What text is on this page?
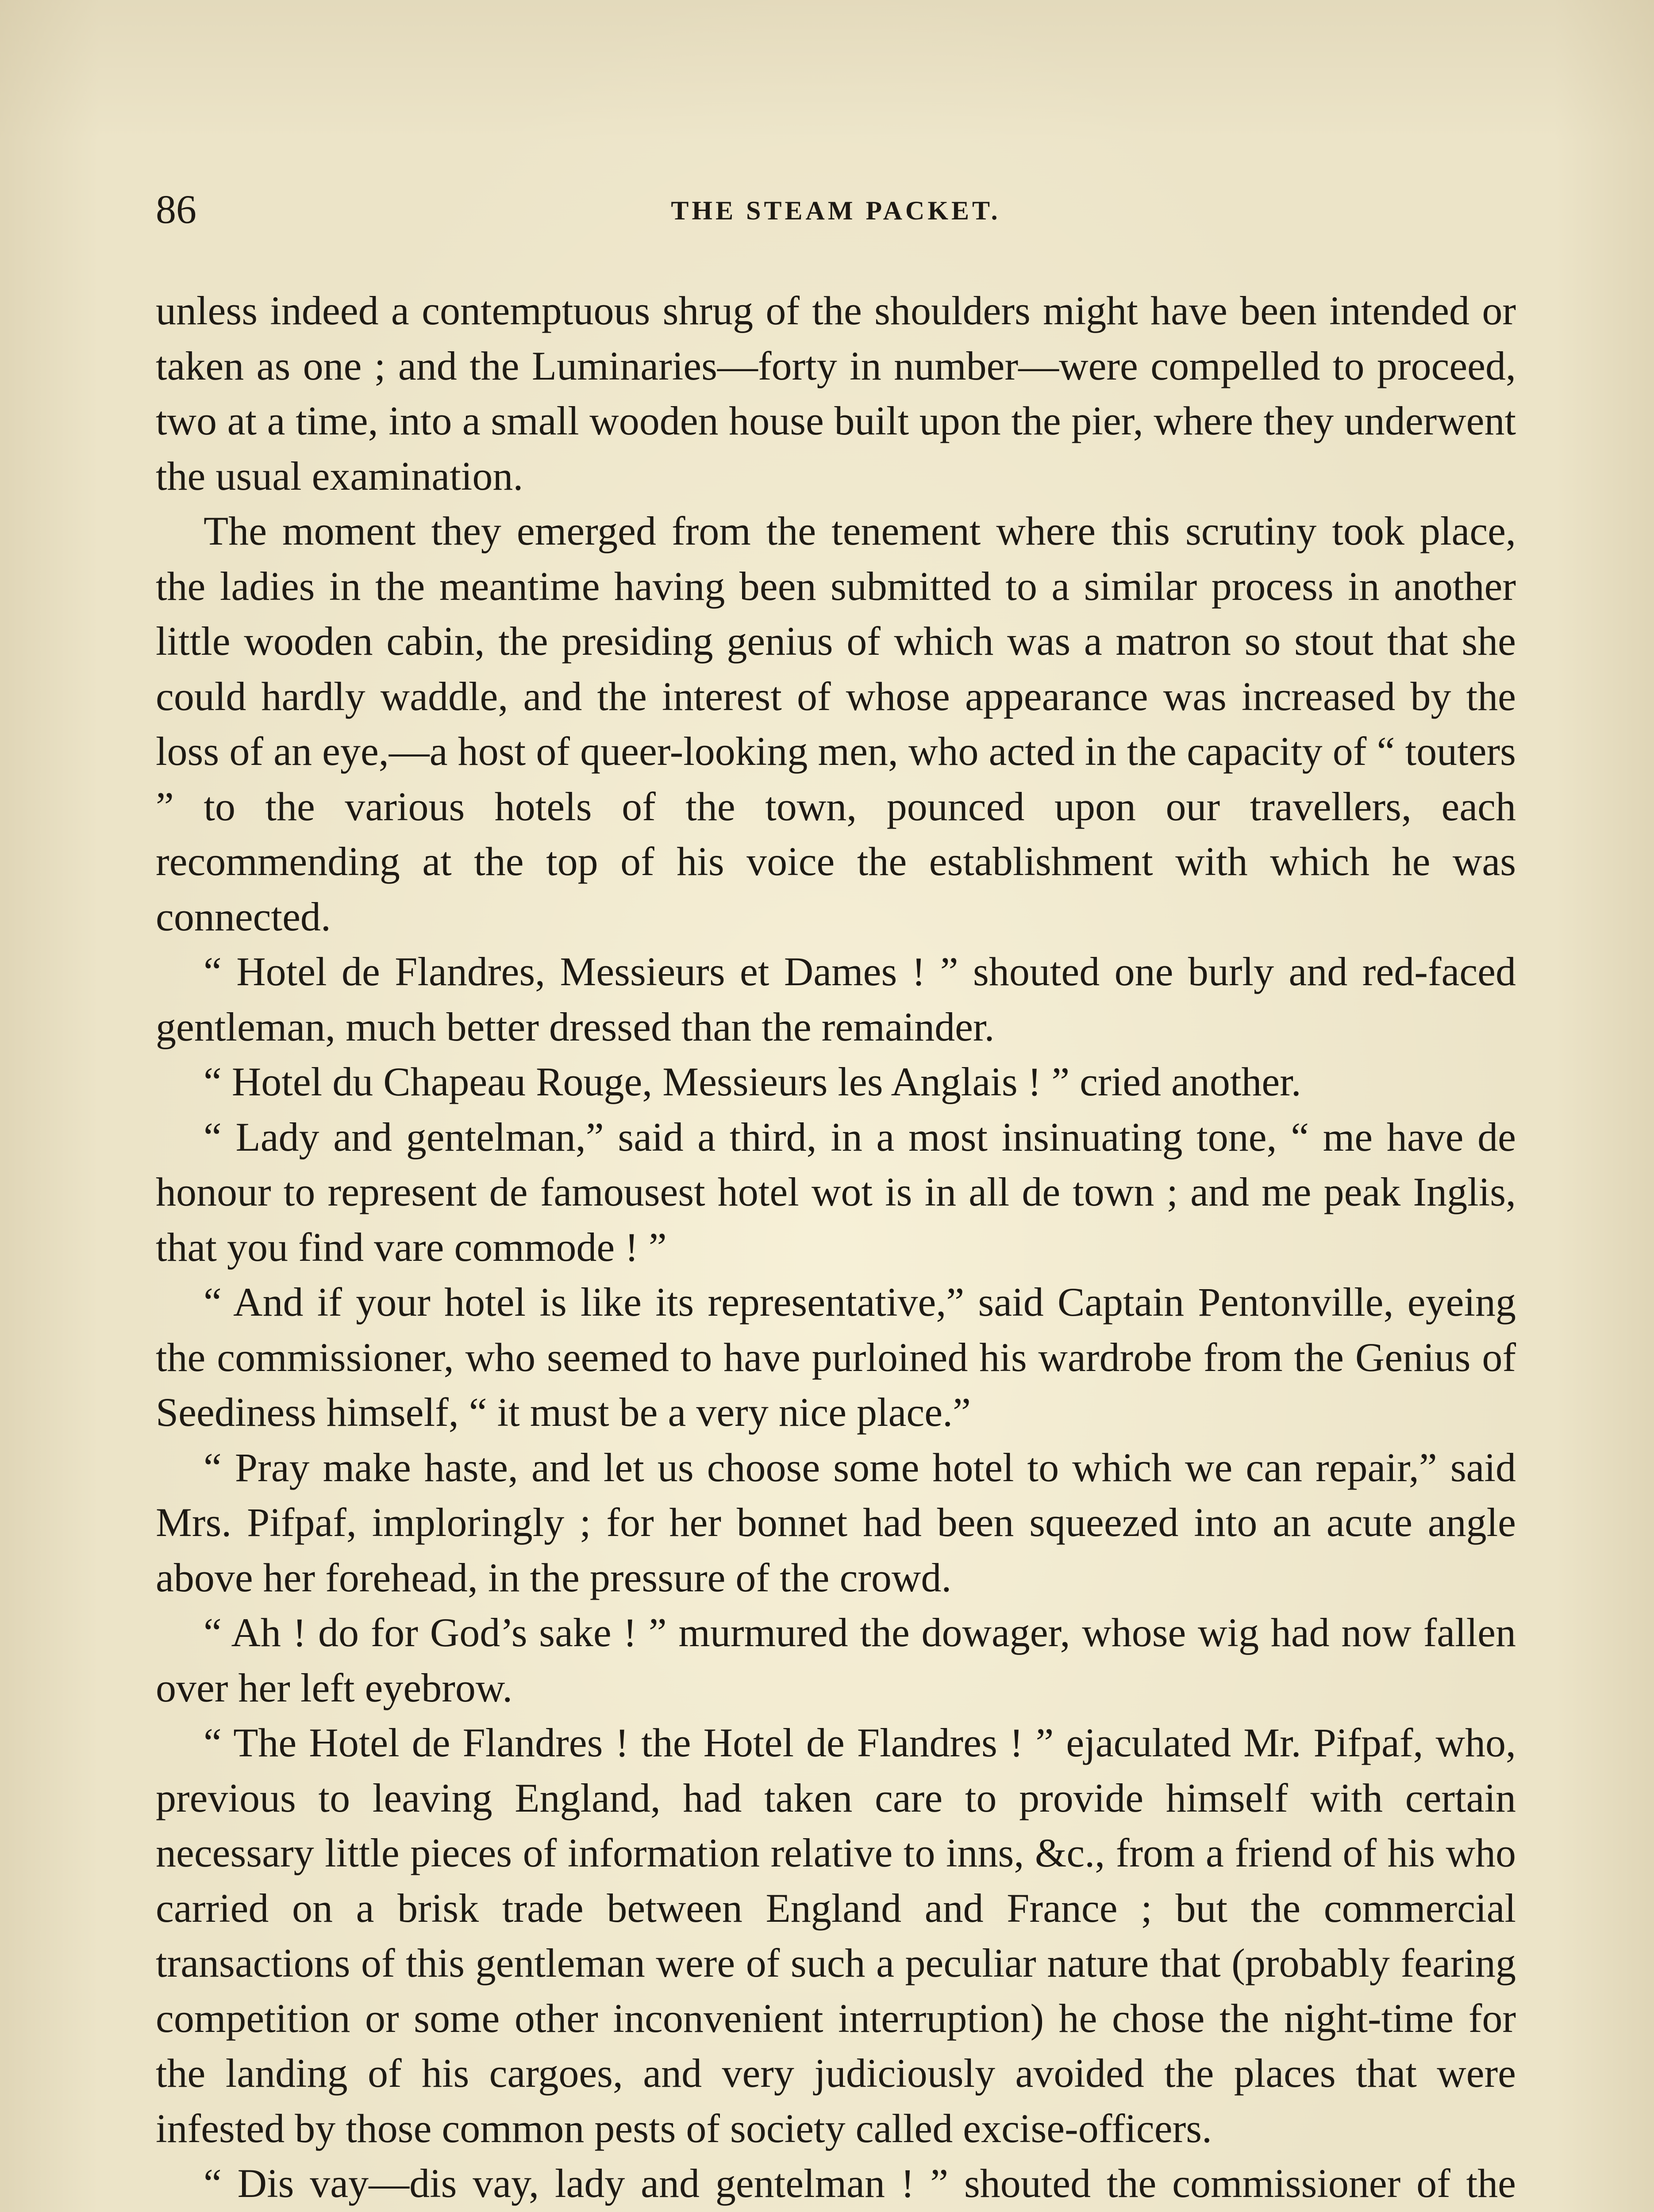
86	THE STEAM PACKET.

unless indeed a contemptuous shrug of the shoulders might have been intended or taken as one ; and the Luminaries—forty in number—were compelled to proceed, two at a time, into a small wooden house built upon the pier, where they underwent the usual examination.

The moment they emerged from the tenement where this scrutiny took place, the ladies in the meantime having been submitted to a similar process in another little wooden cabin, the presiding genius of which was a matron so stout that she could hardly waddle, and the interest of whose appearance was increased by the loss of an eye,—a host of queer-looking men, who acted in the capacity of “ touters ” to the various hotels of the town, pounced upon our travellers, each recommending at the top of his voice the establishment with which he was connected.

“ Hotel de Flandres, Messieurs et Dames ! ” shouted one burly and red-faced gentleman, much better dressed than the remainder.

“ Hotel du Chapeau Rouge, Messieurs les Anglais ! ” cried another.

“ Lady and gentelman,” said a third, in a most insinuating tone, “ me have de honour to represent de famousest hotel wot is in all de town ; and me peak Inglis, that you find vare commode ! ”

“ And if your hotel is like its representative,” said Captain Pentonville, eyeing the commissioner, who seemed to have purloined his wardrobe from the Genius of Seediness himself, “ it must be a very nice place.”

“ Pray make haste, and let us choose some hotel to which we can repair,” said Mrs. Pifpaf, imploringly ; for her bonnet had been squeezed into an acute angle above her forehead, in the pressure of the crowd.

“ Ah ! do for God’s sake ! ” murmured the dowager, whose wig had now fallen over her left eyebrow.

“ The Hotel de Flandres ! the Hotel de Flandres ! ” ejaculated Mr. Pifpaf, who, previous to leaving England, had taken care to provide himself with certain necessary little pieces of information relative to inns, &c., from a friend of his who carried on a brisk trade between England and France ; but the commercial transactions of this gentleman were of such a peculiar nature that (probably fearing competition or some other inconvenient interruption) he chose the night-time for the landing of his cargoes, and very judiciously avoided the places that were infested by those common pests of society called excise-officers.

“ Dis vay—dis vay, lady and gentelman ! ” shouted the commissioner of the
